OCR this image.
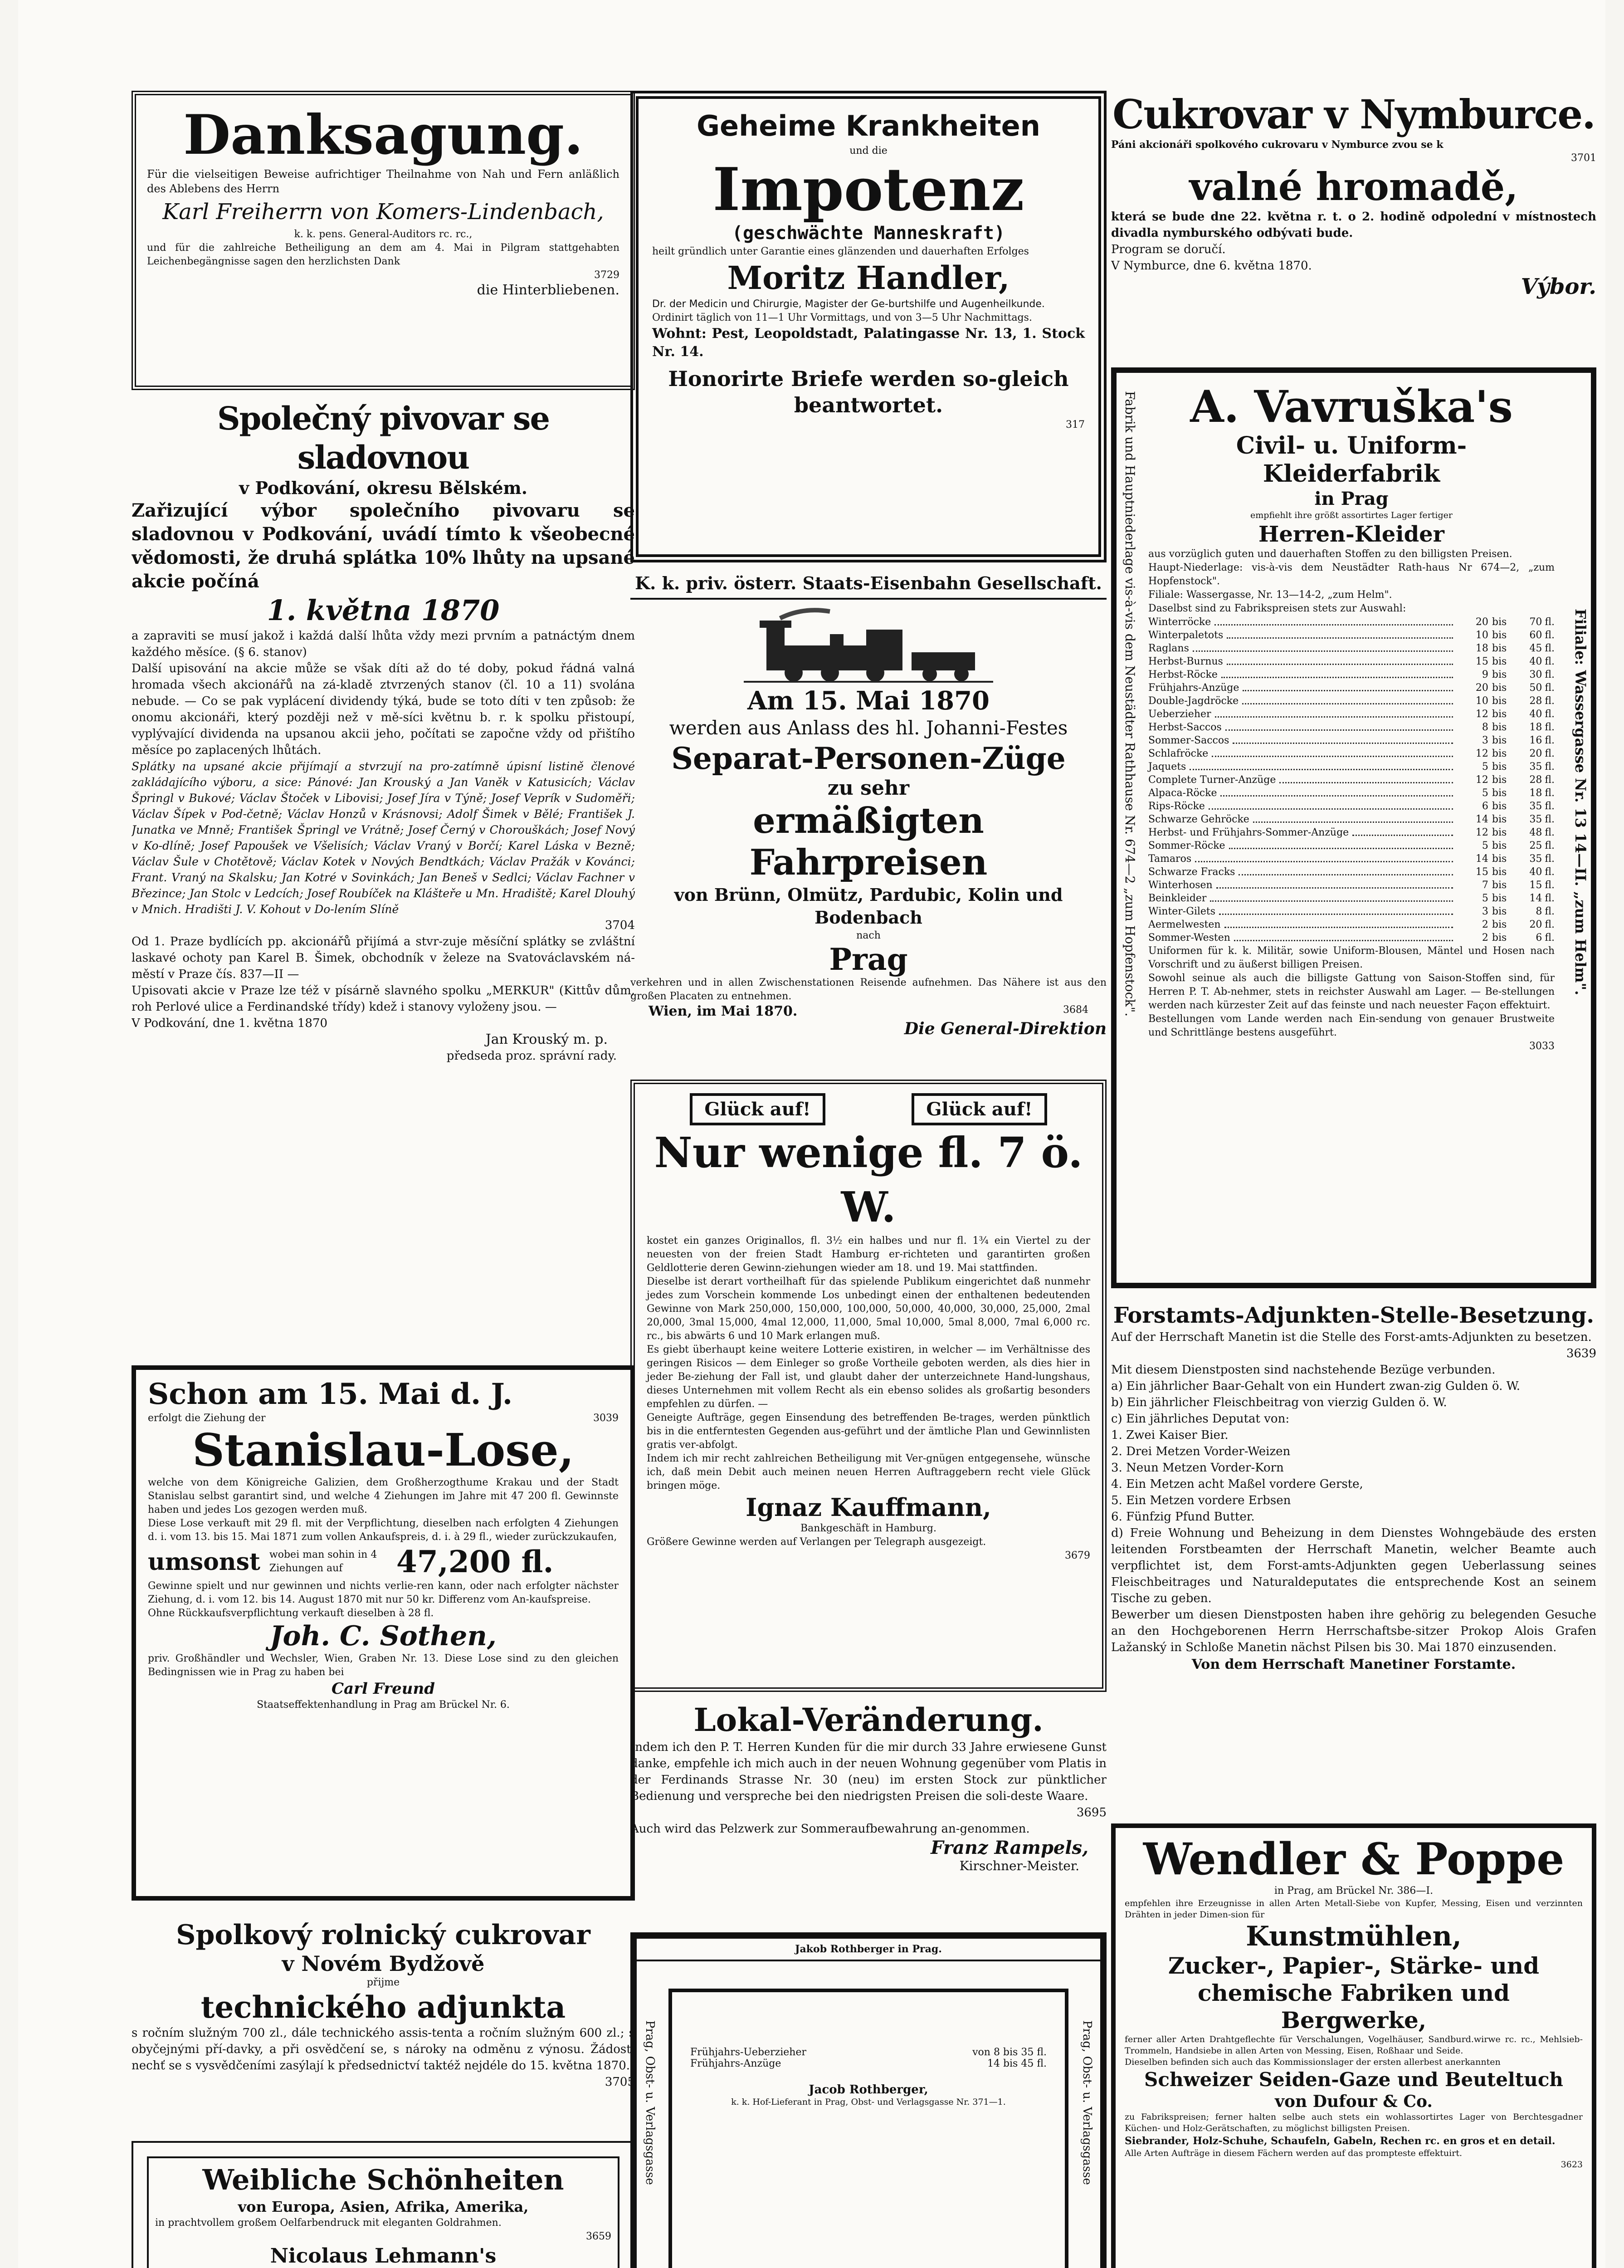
Danksagung.

Für die vielseitigen Beweise aufrichtiger Theilnahme von Nah und Fern anläßlich des Ablebens des Herrn

Karl Freiherrn von Komers-Lindenbach,
k. k. pens. General-Auditors rc. rc.,

und für die zahlreiche Betheiligung an dem am 4. Mai in Pilgram stattgehabten Leichenbegängnisse sagen den herzlichsten Dank

3729
die Hinterbliebenen.
Společný pivovar se sladovnou
v Podkování, okresu Bělském.

Zařizující výbor společního pivovaru se sladovnou v Podkování, uvádí tímto k všeobecné vědomosti, že druhá splátka 10% lhůty na upsané akcie počíná

1. května 1870

a zapraviti se musí jakož i každá další lhůta vždy mezi prvním a patnáctým dnem každého měsíce. (§ 6. stanov)

Další upisování na akcie může se však díti až do té doby, pokud řádná valná hromada všech akcionářů na zá-kladě ztvrzených stanov (čl. 10 a 11) svolána nebude. — Co se pak vyplácení dividendy týká, bude se toto díti v ten způsob: že onomu akcionáři, který později než v mě-síci květnu b. r. k spolku přistoupí, vyplývající dividenda na upsanou akcii jeho, počítati se započne vždy od přištího měsíce po zaplacených lhůtách.

Splátky na upsané akcie přijímají a stvrzují na pro-zatímně úpisní listině členové zakládajícího výboru, a sice: Pánové: Jan Krouský a Jan Vaněk v Katusicích; Václav Špringl v Bukové; Václav Štoček v Libovisi; Josef Jíra v Týně; Josef Veprík v Sudoměři; Václav Šípek v Pod-četně; Václav Honzů v Krásnovsi; Adolf Šimek v Bělé; František J. Junatka ve Mnně; František Špringl ve Vrátně; Josef Černý v Chorouškách; Josef Nový v Ko-dlíně; Josef Papoušek ve Všelisích; Václav Vraný v Borčí; Karel Láska v Bezně; Václav Šule v Chotětově; Václav Kotek v Nových Bendtkách; Václav Pražák v Kovánci; Frant. Vraný na Skalsku; Jan Kotré v Sovinkách; Jan Beneš v Sedlci; Václav Fachner v Březince; Jan Stolc v Ledcích; Josef Roubíček na Klášteře u Mn. Hradiště; Karel Dlouhý v Mnich. Hradišti J. V. Kohout v Do-lením Slíně

3704

Od 1. Praze bydlících pp. akcionářů přijímá a stvr-zuje měsíční splátky se zvláštní laskavé ochoty pan Karel B. Šimek, obchodník v železe na Svatováclavském ná-městí v Praze čís. 837—II —

Upisovati akcie v Praze lze též v písárně slavného spolku „MERKUR" (Kittův dům, roh Perlové ulice a Ferdinandské třídy) kdež i stanovy vyloženy jsou. —

V Podkování, dne 1. května 1870

Jan Krouský m. p.
předseda proz. správní rady.
Schon am 15. Mai d. J.
erfolgt die Ziehung der	3039
Stanislau-Lose,

welche von dem Königreiche Galizien, dem Großherzogthume Krakau und der Stadt Stanislau selbst garantirt sind, und welche 4 Ziehungen im Jahre mit 47 200 fl. Gewinnste haben und jedes Los gezogen werden muß.

Diese Lose verkauft mit 29 fl. mit der Verpflichtung, dieselben nach erfolgten 4 Ziehungen d. i. vom 13. bis 15. Mai 1871 zum vollen Ankaufspreis, d. i. à 29 fl., wieder zurückzukaufen,

umsonst wobei man sohin in 4 Ziehungen auf	47,200 fl.

Gewinne spielt und nur gewinnen und nichts verlie-ren kann, oder nach erfolgter nächster Ziehung, d. i. vom 12. bis 14. August 1870 mit nur 50 kr. Differenz vom An-kaufspreise.

Ohne Rückkaufsverpflichtung verkauft dieselben à 28 fl.

Joh. C. Sothen,

priv. Großhändler und Wechsler, Wien, Graben Nr. 13. Diese Lose sind zu den gleichen Bedingnissen wie in Prag zu haben bei

Carl Freund
Staatseffektenhandlung in Prag am Brückel Nr. 6.
Spolkový rolnický cukrovar
v Novém Bydžově
přijme
technického adjunkta

s ročním služným 700 zl., dále technického assis-tenta a ročním služným 600 zl.; s obyčejnými pří-davky, a při osvědčení se, s nároky na odměnu z výnosu. Žádosti nechť se s vysvědčeními zasýlají k předsednictví taktéž nejdéle do 15. května 1870.

3705
Weibliche Schönheiten
von Europa, Asien, Afrika, Amerika,

in prachtvollem großem Oelfarbendruck mit eleganten Goldrahmen.

3659
Nicolaus Lehmann's

Geheime Krankheiten
und die
Impotenz
(geschwächte Manneskraft)

heilt gründlich unter Garantie eines glänzenden und dauerhaften Erfolges

Moritz Handler,

Dr. der Medicin und Chirurgie, Magister der Ge-burtshilfe und Augenheilkunde.

Ordinirt täglich von 11—1 Uhr Vormittags, und von 3—5 Uhr Nachmittags.

Wohnt: Pest, Leopoldstadt, Palatingasse Nr. 13, 1. Stock Nr. 14.

Honorirte Briefe werden so-gleich beantwortet.
317
K. k. priv. österr. Staats-Eisenbahn Gesellschaft.
Am 15. Mai 1870
werden aus Anlass des hl. Johanni-Festes
Separat-Personen-Züge
zu sehr
ermäßigten Fahrpreisen
von Brünn, Olmütz, Pardubic, Kolin und Bodenbach
nach
Prag

verkehren und in allen Zwischenstationen Reisende aufnehmen. Das Nähere ist aus den großen Placaten zu entnehmen.

Wien, im Mai 1870.	3684
Die General-Direktion
Glück auf!	Glück auf!
Nur wenige fl. 7 ö. W.

kostet ein ganzes Originallos, fl. 3½ ein halbes und nur fl. 1¾ ein Viertel zu der neuesten von der freien Stadt Hamburg er-richteten und garantirten großen Geldlotterie deren Gewinn-ziehungen wieder am 18. und 19. Mai stattfinden.

Dieselbe ist derart vortheilhaft für das spielende Publikum eingerichtet daß nunmehr jedes zum Vorschein kommende Los unbedingt einen der enthaltenen bedeutenden Gewinne von Mark 250,000, 150,000, 100,000, 50,000, 40,000, 30,000, 25,000, 2mal 20,000, 3mal 15,000, 4mal 12,000, 11,000, 5mal 10,000, 5mal 8,000, 7mal 6,000 rc. rc., bis abwärts 6 und 10 Mark erlangen muß.

Es giebt überhaupt keine weitere Lotterie existiren, in welcher — im Verhältnisse des geringen Risicos — dem Einleger so große Vortheile geboten werden, als dies hier in jeder Be-ziehung der Fall ist, und glaubt daher der unterzeichnete Hand-lungshaus, dieses Unternehmen mit vollem Recht als ein ebenso solides als großartig besonders empfehlen zu dürfen. —

Geneigte Aufträge, gegen Einsendung des betreffenden Be-trages, werden pünktlich bis in die entferntesten Gegenden aus-geführt und der ämtliche Plan und Gewinnlisten gratis ver-abfolgt.

Indem ich mir recht zahlreichen Betheiligung mit Ver-gnügen entgegensehe, wünsche ich, daß mein Debit auch meinen neuen Herren Auftraggebern recht viele Glück bringen möge.

Ignaz Kauffmann,
Bankgeschäft in Hamburg.

Größere Gewinne werden auf Verlangen per Telegraph ausgezeigt.

3679
Lokal-Veränderung.

Indem ich den P. T. Herren Kunden für die mir durch 33 Jahre erwiesene Gunst danke, empfehle ich mich auch in der neuen Wohnung gegenüber vom Platis in der Ferdinands Strasse Nr. 30 (neu) im ersten Stock zur pünktlicher Bedienung und verspreche bei den niedrigsten Preisen die soli-deste Waare.

3695

Auch wird das Pelzwerk zur Sommeraufbewahrung an-genommen.

Franz Rampels,
Kirschner-Meister.
Jakob Rothberger in Prag.
Prag, Obst- u. Verlagsgasse	Prag, Obst- u. Verlagsgasse
Frühjahrs-Ueberzieher	von 8 bis 35 fl.
Frühjahrs-Anzüge	14 bis 45 fl.
Jacob Rothberger,
k. k. Hof-Lieferant in Prag, Obst- und Verlagsgasse Nr. 371—1.
Cukrovar v Nymburce.
Páni akcionáři spolkového cukrovaru v Nymburce zvou se k
3701
valné hromadě,

která se bude dne 22. května r. t. o 2. hodině odpolední v místnostech divadla nymburského odbývati bude.

Program se doručí.

V Nymburce, dne 6. května 1870.

Výbor.
Fabrik und Hauptniederlage vis-à-vis dem Neustädter Rathhause Nr. 674—2 „zum Hopfenstock".	Filiale: Wassergasse Nr. 13 14—II. „zum Helm".
A. Vavruška's
Civil- u. Uniform-Kleiderfabrik
in Prag
empfiehlt ihre größt assortirtes Lager fertiger
Herren-Kleider

aus vorzüglich guten und dauerhaften Stoffen zu den billigsten Preisen.

Haupt-Niederlage: vis-à-vis dem Neustädter Rath-haus Nr 674—2, „zum Hopfenstock".

Filiale: Wassergasse, Nr. 13—14-2, „zum Helm".

Daselbst sind zu Fabrikspreisen stets zur Auswahl:

Winterröcke	20 bis	70 fl.
Winterpaletots	10 bis	60 fl.
Raglans	18 bis	45 fl.
Herbst-Burnus	15 bis	40 fl.
Herbst-Röcke	9 bis	30 fl.
Frühjahrs-Anzüge	20 bis	50 fl.
Double-Jagdröcke	10 bis	28 fl.
Ueberzieher	12 bis	40 fl.
Herbst-Saccos	8 bis	18 fl.
Sommer-Saccos	3 bis	16 fl.
Schlafröcke	12 bis	20 fl.
Jaquets	5 bis	35 fl.
Complete Turner-Anzüge	12 bis	28 fl.
Alpaca-Röcke	5 bis	18 fl.
Rips-Röcke	6 bis	35 fl.
Schwarze Gehröcke	14 bis	35 fl.
Herbst- und Frühjahrs-Sommer-Anzüge	12 bis	48 fl.
Sommer-Röcke	5 bis	25 fl.
Tamaros	14 bis	35 fl.
Schwarze Fracks	15 bis	40 fl.
Winterhosen	7 bis	15 fl.
Beinkleider	5 bis	14 fl.
Winter-Gilets	3 bis	8 fl.
Aermelwesten	2 bis	20 fl.
Sommer-Westen	2 bis	6 fl.

Uniformen für k. k. Militär, sowie Uniform-Blousen, Mäntel und Hosen nach Vorschrift und zu äußerst billigen Preisen.

Sowohl seinue als auch die billigste Gattung von Saison-Stoffen sind, für Herren P. T. Ab-nehmer, stets in reichster Auswahl am Lager. — Be-stellungen werden nach kürzester Zeit auf das feinste und nach neuester Façon effektuirt.

Bestellungen vom Lande werden nach Ein-sendung von genauer Brustweite und Schrittlänge bestens ausgeführt.

3033
Forstamts-Adjunkten-Stelle-Besetzung.

Auf der Herrschaft Manetin ist die Stelle des Forst-amts-Adjunkten zu besetzen.

3639

Mit diesem Dienstposten sind nachstehende Bezüge verbunden.

a) Ein jährlicher Baar-Gehalt von ein Hundert zwan-zig Gulden ö. W.

b) Ein jährlicher Fleischbeitrag von vierzig Gulden ö. W.

c) Ein jährliches Deputat von:

1. Zwei Kaiser Bier.
2. Drei Metzen Vorder-Weizen
3. Neun Metzen Vorder-Korn
4. Ein Metzen acht Maßel vordere Gerste,
5. Ein Metzen vordere Erbsen
6. Fünfzig Pfund Butter.

d) Freie Wohnung und Beheizung in dem Dienstes Wohngebäude des ersten leitenden Forstbeamten der Herrschaft Manetin, welcher Beamte auch verpflichtet ist, dem Forst-amts-Adjunkten gegen Ueberlassung seines Fleischbeitrages und Naturaldeputates die entsprechende Kost an seinem Tische zu geben.

Bewerber um diesen Dienstposten haben ihre gehörig zu belegenden Gesuche an den Hochgeborenen Herrn Herrschaftsbe-sitzer Prokop Alois Grafen Lažanský in Schloße Manetin nächst Pilsen bis 30. Mai 1870 einzusenden.

Von dem Herrschaft Manetiner Forstamte.
Wendler & Poppe
in Prag, am Brückel Nr. 386—I.

empfehlen ihre Erzeugnisse in allen Arten Metall-Siebe von Kupfer, Messing, Eisen und verzinnten Drähten in jeder Dimen-sion für

Kunstmühlen,
Zucker-, Papier-, Stärke- und chemische Fabriken und Bergwerke,

ferner aller Arten Drahtgeflechte für Verschalungen, Vogelhäuser, Sandburd.wirwe rc. rc., Mehlsieb-Trommeln, Handsiebe in allen Arten von Messing, Eisen, Roßhaar und Seide.

Dieselben befinden sich auch das Kommissionslager der ersten allerbest anerkannten

Schweizer Seiden-Gaze und Beuteltuch
von Dufour & Co.

zu Fabrikspreisen; ferner halten selbe auch stets ein wohlassortirtes Lager von Berchtesgadner Küchen- und Holz-Gerätschaften, zu möglichst billigsten Preisen.

Siebrander, Holz-Schuhe, Schaufeln, Gabeln, Rechen rc. en gros et en detail.

Alle Arten Aufträge in diesem Fächern werden auf das prompteste effektuirt.

3623
